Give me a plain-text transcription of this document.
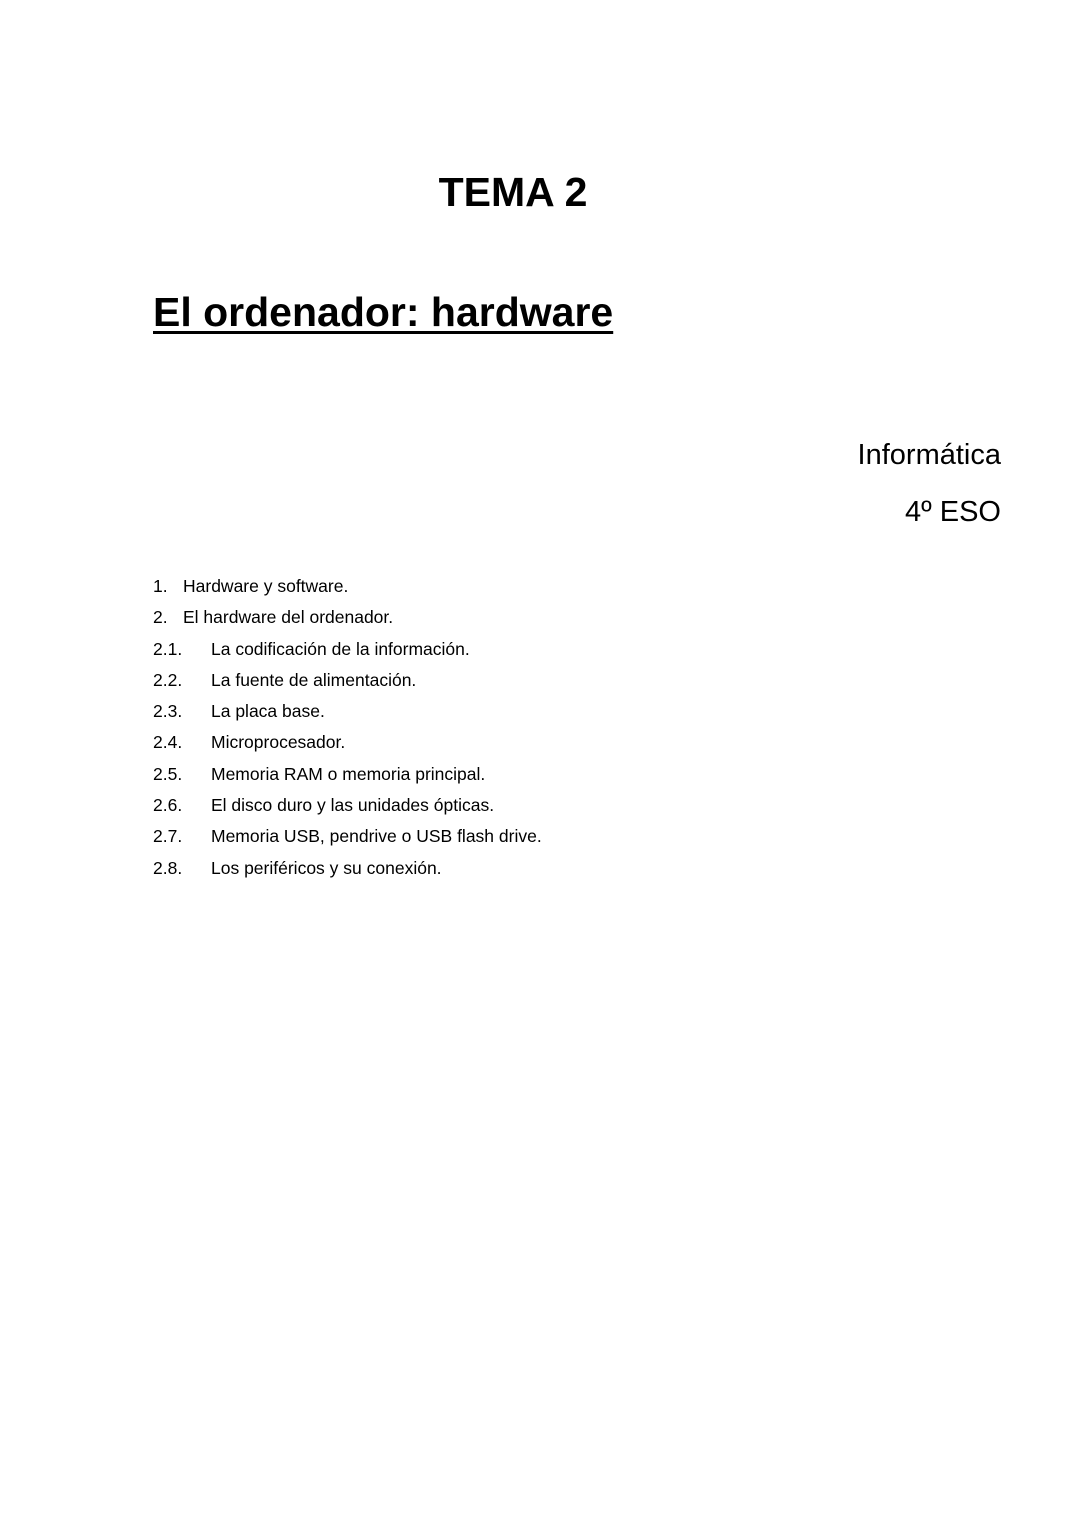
TEMA 2
El ordenador: hardware

Informática

4º ESO

1. Hardware y software.
2. El hardware del ordenador.
2.1.	La codificación de la información.
2.2.	La fuente de alimentación.
2.3.	La placa base.
2.4.	Microprocesador.
2.5.	Memoria RAM o memoria principal.
2.6.	El disco duro y las unidades ópticas.
2.7.	Memoria USB, pendrive o USB flash drive.
2.8.	Los periféricos y su conexión.
